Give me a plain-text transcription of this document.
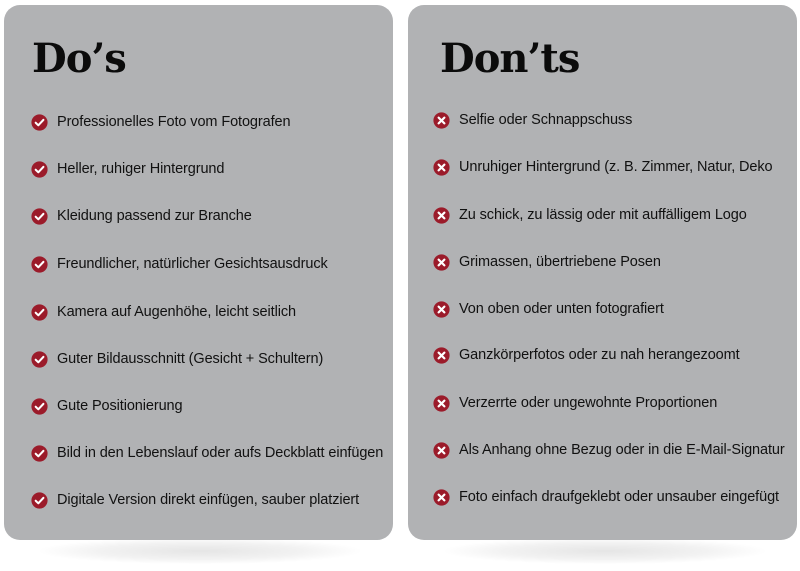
Do’s
Professionelles Foto vom Fotografen
Heller, ruhiger Hintergrund
Kleidung passend zur Branche
Freundlicher, natürlicher Gesichtsausdruck
Kamera auf Augenhöhe, leicht seitlich
Guter Bildausschnitt (Gesicht + Schultern)
Gute Positionierung
Bild in den Lebenslauf oder aufs Deckblatt einfügen
Digitale Version direkt einfügen, sauber platziert
Don’ts
Selfie oder Schnappschuss
Unruhiger Hintergrund (z. B. Zimmer, Natur, Deko
Zu schick, zu lässig oder mit auffälligem Logo
Grimassen, übertriebene Posen
Von oben oder unten fotografiert
Ganzkörperfotos oder zu nah herangezoomt
Verzerrte oder ungewohnte Proportionen
Als Anhang ohne Bezug oder in die E-Mail-Signatur
Foto einfach draufgeklebt oder unsauber eingefügt
